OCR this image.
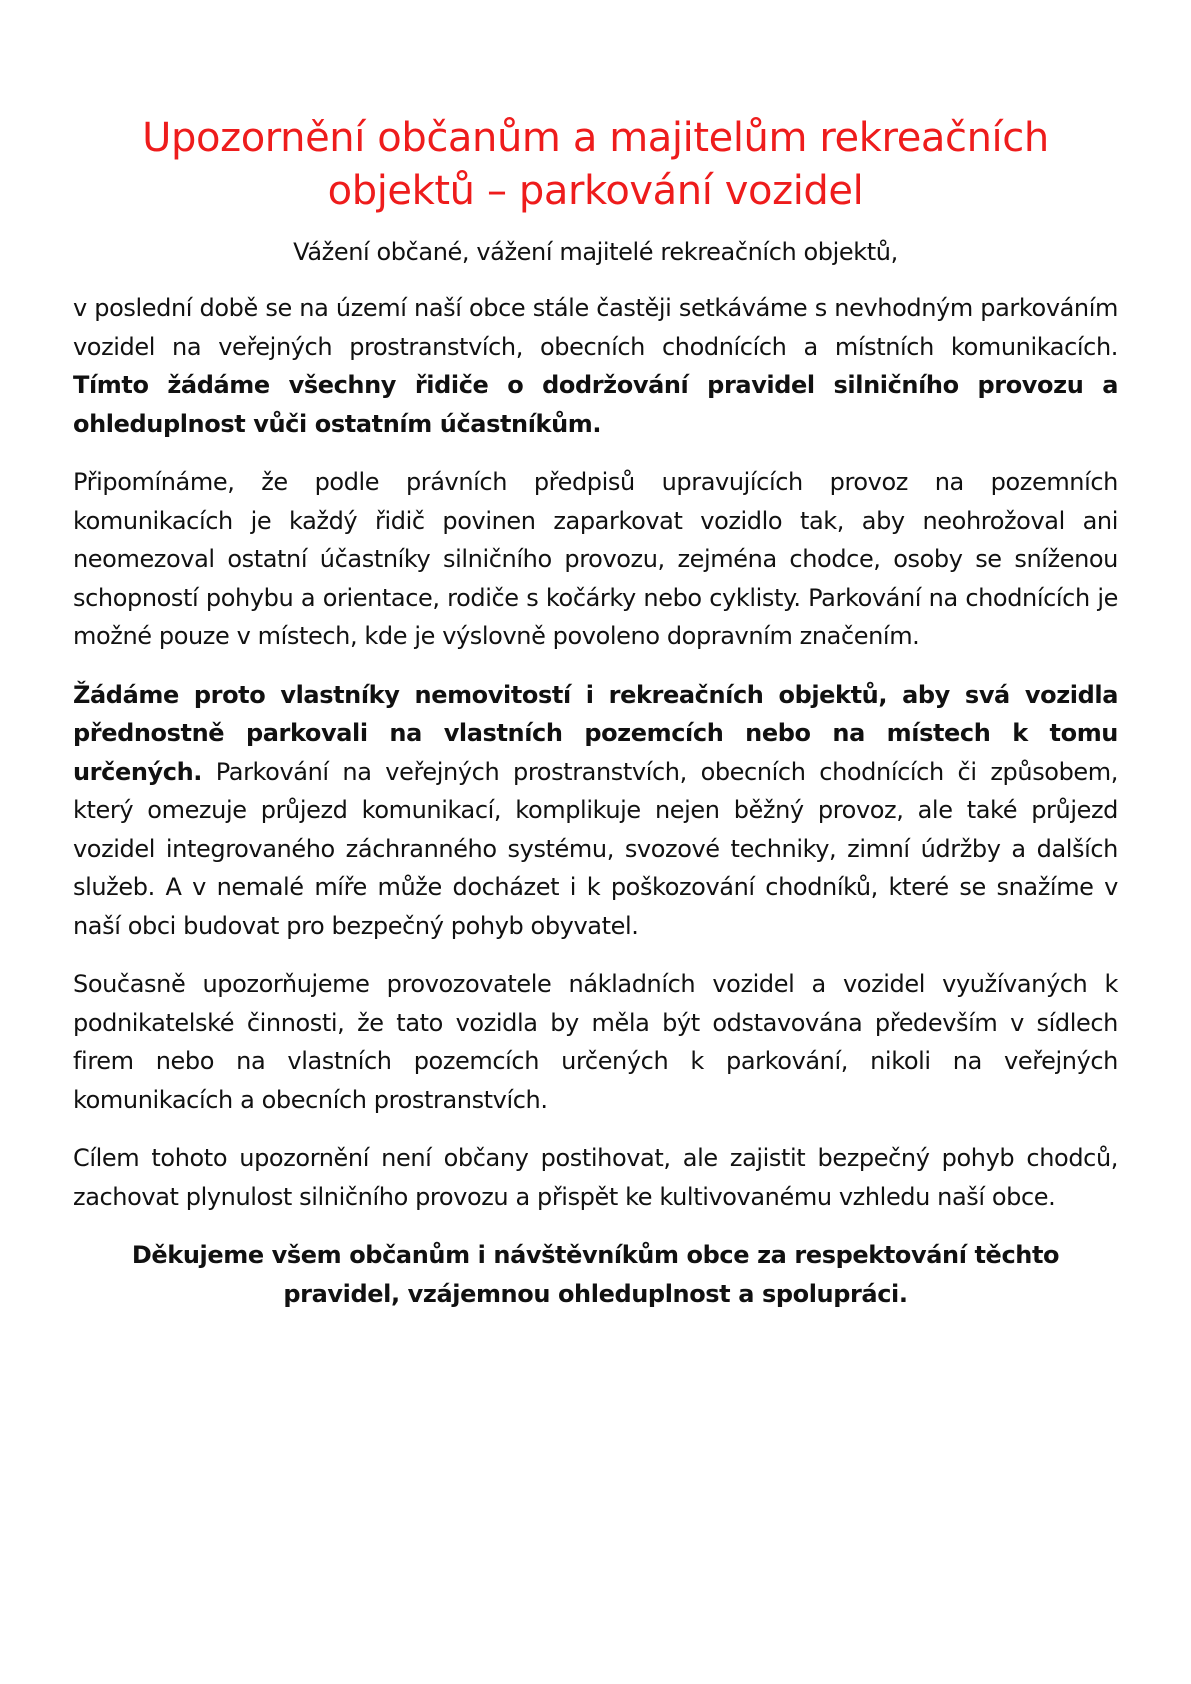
Upozornění občanům a majitelům rekreačních objektů – parkování vozidel

Vážení občané, vážení majitelé rekreačních objektů,

v poslední době se na území naší obce stále častěji setkáváme s nevhodným parkováním vozidel na veřejných prostranstvích, obecních chodnících a místních komunikacích. Tímto žádáme všechny řidiče o dodržování pravidel silničního provozu a ohleduplnost vůči ostatním účastníkům.

Připomínáme, že podle právních předpisů upravujících provoz na pozemních komunikacích je každý řidič povinen zaparkovat vozidlo tak, aby neohrožoval ani neomezoval ostatní účastníky silničního provozu, zejména chodce, osoby se sníženou schopností pohybu a orientace, rodiče s kočárky nebo cyklisty. Parkování na chodnících je možné pouze v místech, kde je výslovně povoleno dopravním značením.

Žádáme proto vlastníky nemovitostí i rekreačních objektů, aby svá vozidla přednostně parkovali na vlastních pozemcích nebo na místech k tomu určených. Parkování na veřejných prostranstvích, obecních chodnících či způsobem, který omezuje průjezd komunikací, komplikuje nejen běžný provoz, ale také průjezd vozidel integrovaného záchranného systému, svozové techniky, zimní údržby a dalších služeb. A v nemalé míře může docházet i k poškozování chodníků, které se snažíme v naší obci budovat pro bezpečný pohyb obyvatel.

Současně upozorňujeme provozovatele nákladních vozidel a vozidel využívaných k podnikatelské činnosti, že tato vozidla by měla být odstavována především v sídlech firem nebo na vlastních pozemcích určených k parkování, nikoli na veřejných komunikacích a obecních prostranstvích.

Cílem tohoto upozornění není občany postihovat, ale zajistit bezpečný pohyb chodců, zachovat plynulost silničního provozu a přispět ke kultivovanému vzhledu naší obce.

Děkujeme všem občanům i návštěvníkům obce za respektování těchto pravidel, vzájemnou ohleduplnost a spolupráci.
